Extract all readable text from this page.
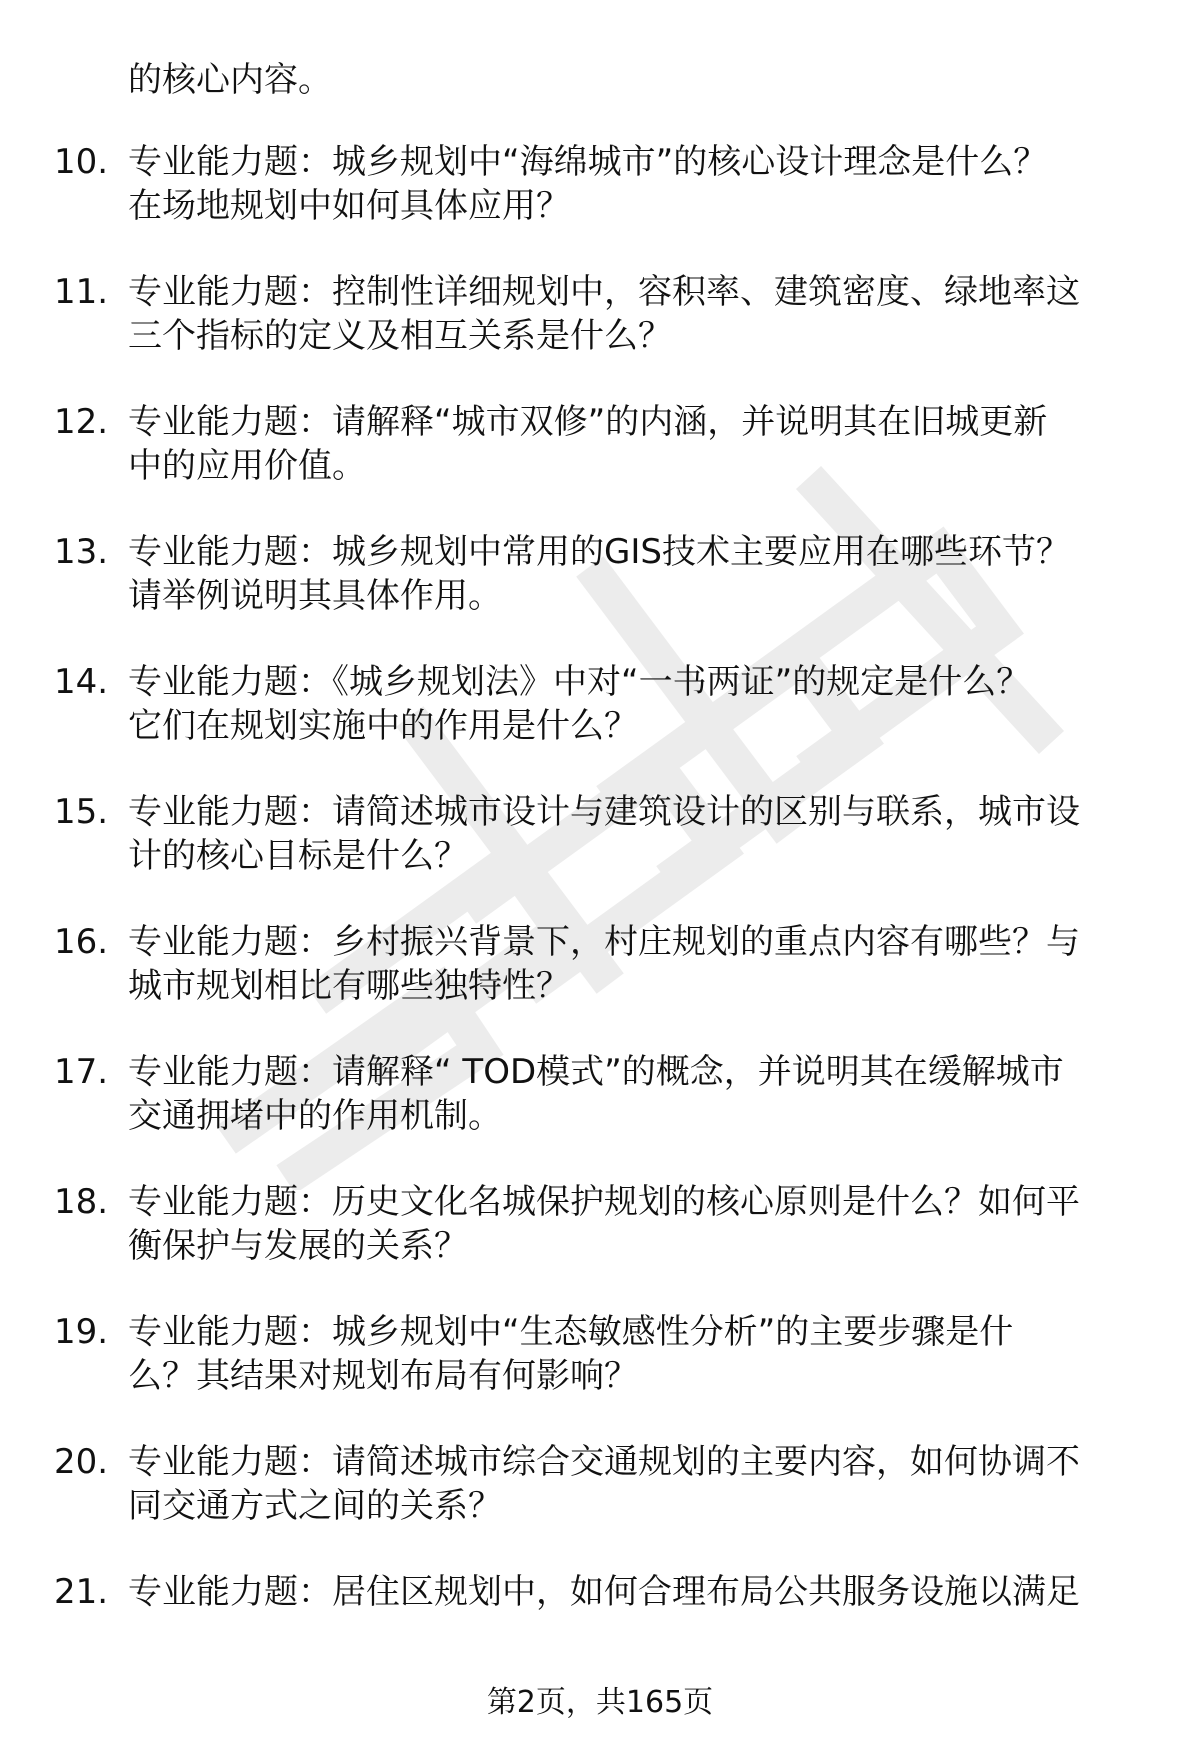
的核心内容。

10. 专业能力题：城乡规划中“海绵城市”的核心设计理念是什么？
在场地规划中如何具体应用？
11. 专业能力题：控制性详细规划中，容积率、建筑密度、绿地率这
三个指标的定义及相互关系是什么？
12. 专业能力题：请解释“城市双修”的内涵，并说明其在旧城更新
中的应用价值。
13. 专业能力题：城乡规划中常用的GIS技术主要应用在哪些环节？
请举例说明其具体作用。
14. 专业能力题：《城乡规划法》中对“一书两证”的规定是什么？
它们在规划实施中的作用是什么？
15. 专业能力题：请简述城市设计与建筑设计的区别与联系，城市设
计的核心目标是什么？
16. 专业能力题：乡村振兴背景下，村庄规划的重点内容有哪些？与
城市规划相比有哪些独特性？
17. 专业能力题：请解释“ TOD模式”的概念，并说明其在缓解城市
交通拥堵中的作用机制。
18. 专业能力题：历史文化名城保护规划的核心原则是什么？如何平
衡保护与发展的关系？
19. 专业能力题：城乡规划中“生态敏感性分析”的主要步骤是什
么？其结果对规划布局有何影响？
20. 专业能力题：请简述城市综合交通规划的主要内容，如何协调不
同交通方式之间的关系？
21. 专业能力题：居住区规划中，如何合理布局公共服务设施以满足
第2页，共165页
